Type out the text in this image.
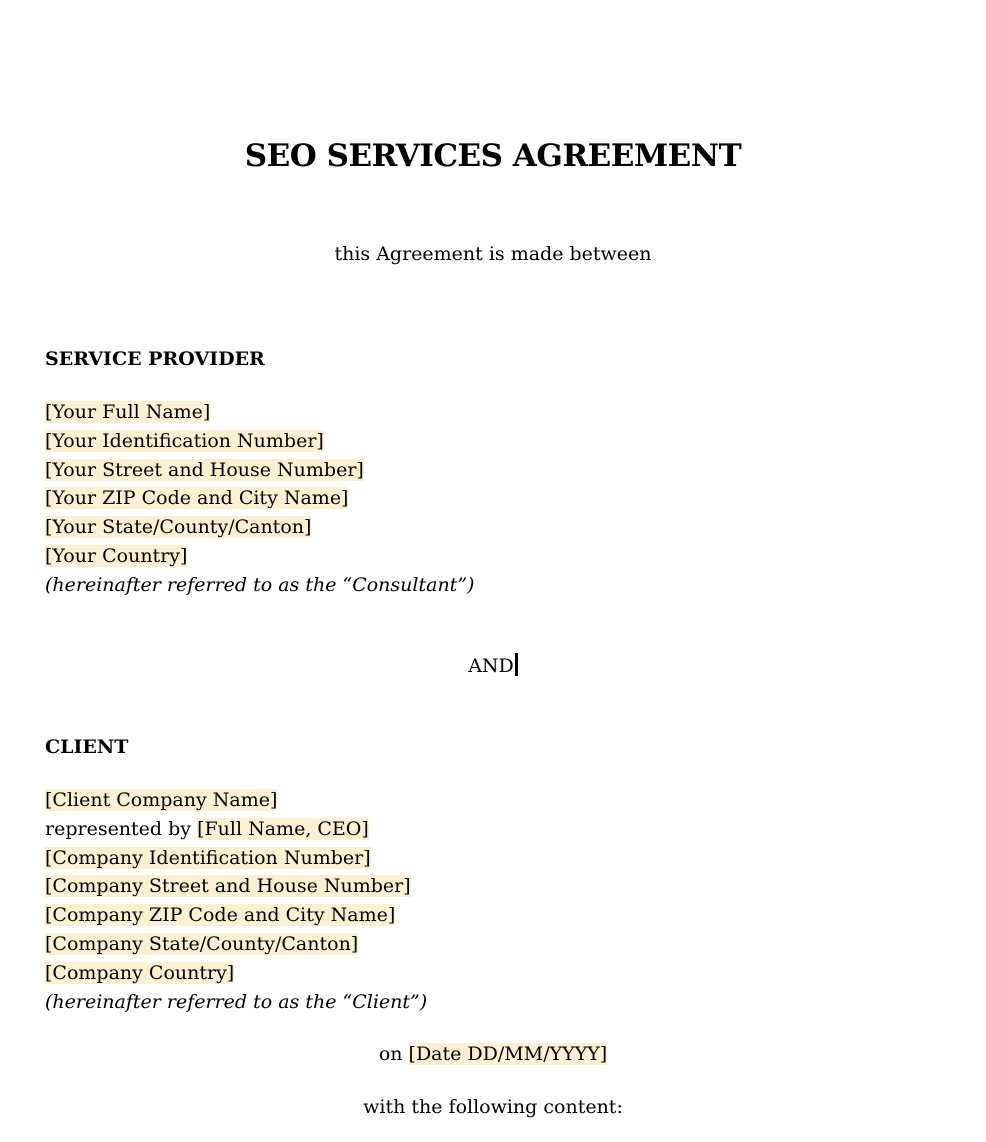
SEO SERVICES AGREEMENT
this Agreement is made between
SERVICE PROVIDER
[Your Full Name]
[Your Identification Number]
[Your Street and House Number]
[Your ZIP Code and City Name]
[Your State/County/Canton]
[Your Country]
(hereinafter referred to as the “Consultant”)
AND
CLIENT
[Client Company Name]
represented by [Full Name, CEO]
[Company Identification Number]
[Company Street and House Number]
[Company ZIP Code and City Name]
[Company State/County/Canton]
[Company Country]
(hereinafter referred to as the “Client”)
on [Date DD/MM/YYYY]
with the following content:
